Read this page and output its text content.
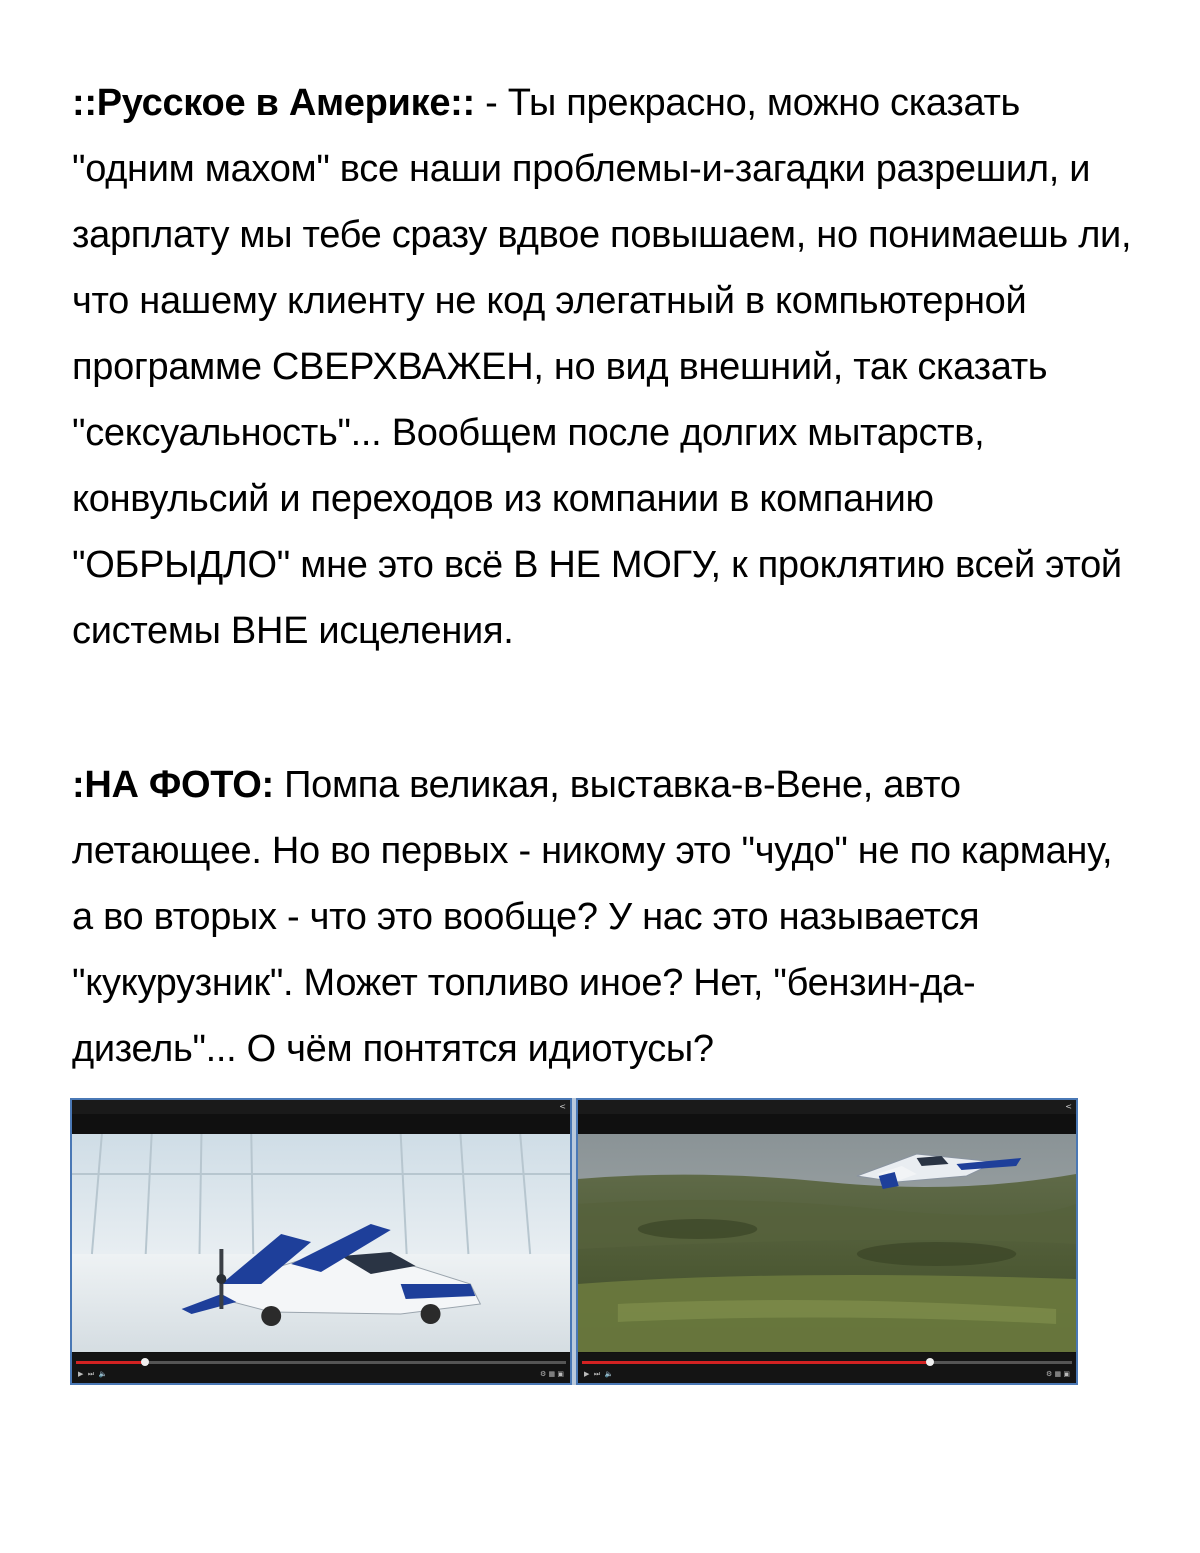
::Русское в Америке:: - Ты прекрасно, можно сказать "одним махом" все наши проблемы-и-загадки разрешил, и зарплату мы тебе сразу вдвое повышаем, но понимаешь ли, что нашему клиенту не код элегатный в компьютерной программе СВЕРХВАЖЕН, но вид внешний, так сказать "сексуальность"... Вообщем после долгих мытарств, конвульсий и переходов из компании в компанию "ОБРЫДЛО" мне это всё В НЕ МОГУ, к проклятию всей этой системы ВНЕ исцеления.

:НА ФОТО: Помпа великая, выставка-в-Вене, авто летающее. Но во первых - никому это "чудо" не по карману, а во вторых - что это вообще? У нас это называется "кукурузник". Может топливо иное? Нет, "бензин-да-дизель"... О чём понтятся идиотусы?

<
▶  ⏭  🔈	⚙ ▦ ▣
<
▶  ⏭  🔈	⚙ ▦ ▣
